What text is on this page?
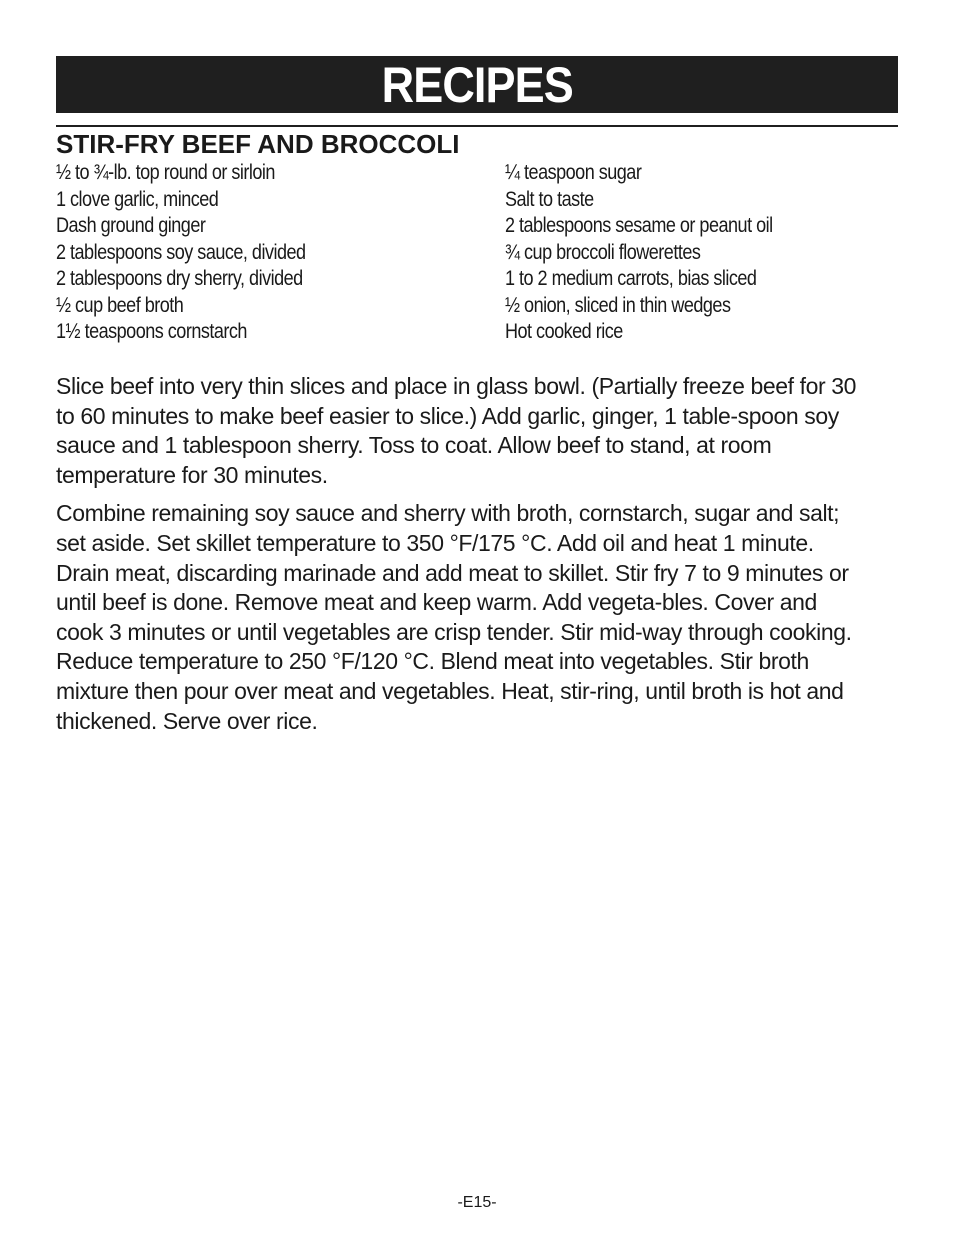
RECIPES
STIR-FRY BEEF AND BROCCOLI
½ to ¾-lb. top round or sirloin
1 clove garlic, minced
Dash ground ginger
2 tablespoons soy sauce, divided
2 tablespoons dry sherry, divided
½ cup beef broth
1½ teaspoons cornstarch
¼ teaspoon sugar
Salt to taste
2 tablespoons sesame or peanut oil
¾ cup broccoli flowerettes
1 to 2 medium carrots, bias sliced
½ onion, sliced in thin wedges
Hot cooked rice

Slice beef into very thin slices and place in glass bowl. (Partially freeze beef for 30 to 60 minutes to make beef easier to slice.) Add garlic, ginger, 1 table-spoon soy sauce and 1 tablespoon sherry. Toss to coat. Allow beef to stand, at room temperature for 30 minutes.

Combine remaining soy sauce and sherry with broth, cornstarch, sugar and salt; set aside. Set skillet temperature to 350 °F/175 °C. Add oil and heat 1 minute. Drain meat, discarding marinade and add meat to skillet. Stir fry 7 to 9 minutes or until beef is done. Remove meat and keep warm. Add vegeta-bles. Cover and cook 3 minutes or until vegetables are crisp tender. Stir mid-way through cooking. Reduce temperature to 250 °F/120 °C. Blend meat into vegetables. Stir broth mixture then pour over meat and vegetables. Heat, stir-ring, until broth is hot and thickened. Serve over rice.

-E15-
